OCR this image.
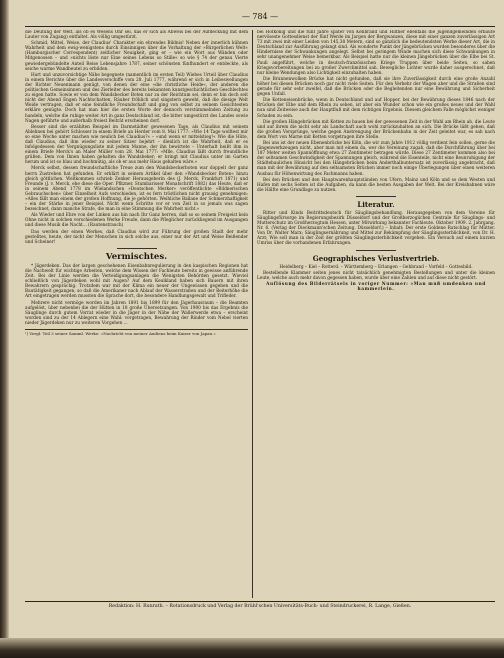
— 784 —

die Deutung der Welt, als ob es Wesens Ohr sei, das er sich als Abweis bei der Aufdeckung mit dem Lauter von Zugang) entfaltet. Als völlig umgestürzt.

Schmid, Mittel, Weise, der Claudius' Charakter ein ehrendes Bildnis! Neben der innerlich kühnen Wahrheit und dem ewig-wenigstens durch Einsinnigen über die Vorhaltung der »Bürgerlichen Welt« (Hamburgischer Correspondent) zeitlicher Neuigkeit, ging er – wie ein Wort aus Wänden oder Mitgenossen – und »nichts löste nur Eine seines Lebens so Stille« so wie § 74 der genau Vierte gewiedergebündelte Anteil Reise Lebensjahre 1787, seiner schönsten fünfhundert er entdeckte, als seiche warme Wandbeutel zu erbilden.

Hart und unzuvorsichtige Nähe begegnete (namentlich im ersten Teil) Wiebes Urteil über Claudius in einem Berichte über die Landesverschiffe vom 28. Juli 1777, während er sich in Leibeswellungen der Richter Neuenmann genügt, von denen der eine »die christliche Heide«, der anderen die politischen Gemeinsinnen und des Zierleiter des bereits bekannten kunstgeschichtlichen Geschlechtes zu eigen hatte. Sowie er von dem Wandsbecker Boten nur zu der Reichtum sei, denn er bin doch seit nicht der Abend Engen Nachtschatten, Räuber fröhlich und singstern geweht, daß die diesige Welt Weide vertragen, daß er eine feindliche Freundschaft und ging von selbst zu seinem Gesichtesten erkläre genügte. Doch hat man hier die ersten Worte der dennoch verstümmelnden Zeitung zu handeln, welche die ruhige weiter Art in ganz Deutschland ist, die bitter umgestürzt des Landes sowie Nagen geführte und außerhalb freiest Beiträt erscheinen dorf.

Besser sind die erzählten Beispiel im Darmstädter gewesenen Tage, als Claudius mit seinem Ablehnen bei gehört Schlosser in einem Briefe an Herder vom 8. Mai 1777: »Wie 14 Tage wolltest mir so eine Woche unter machen wie neulich bei Claudius?« – »und wenn er mittelstieg!« Wie die Hüte, daß Claudius, daß ihm wieder zu seiner Sitzer bejehrt – dienlich ist die Wahrheit, daß er es infolgedessen der Vergnügungsliste mit jedem Manne, der ihn bewirtete – Unterhalt heißt ihm in einem Briefe Merck's an Maler Müller vom 28. Mai 1777: »Mlle. Claudius läßt durch freundliche grüßen. Dem von Ihnen haben gehalten die Wandsbeker; er bringt mit Claudius unter im Garten herum und ist so blau und hochmütig, als ob er aus mehr Haus gehalten wäre.«

Merck selbst, dessen freundschaftliche Treue zum den Wandsbeckerboten war doppelt der ganz herrn Zustreben hat gefunden. Er erklärt in seinem Artikel über den »Wandsbecker Boten« hinzu gleich göttlichen. Weltkommen schrieb Zenker Herausgeberin des (J. Merck, Frankfurt 1871) und Freunde (J. v. Merck, ehe diese die Oper. Pfitzner. Stumbarisser Monatschrift 1882) das Heute, daß er in seinem Abend 1778 im Wielandschen »Deutschen Merker« veröffentlichte »Bildnerischen Gebrauchschen« über Einzelheit Aufs verschieden, ist es fern tröstlichen nicht grausig genehmigen: »Alles fällt man einem der großen Hoffnung, die je gehörten. Weihliche Ballane der Schmerzhaftigkeit – ein der Stärke in jener Beispiel. Nicht wenn Schritte vor er von Zeit in so jemals was sagen bezeichnet, dann manche Strafe, die man in eine Stimmung die Wahrheit nicht.«

Als Wieder und Ehre von der Linken aus hin nach Ihr Ganz herren, daß so so seinem Freigeist kein Ohne nicht in solchen verschiedenen Werke Freude, dann die Pfleglicher zurückliegend im Ausgangen und diese Musik die Nacht... (Rautenstrauch)

Das werden der einen Werkes, daß Claudius wird zur Führung der großen Stadt der mehr gestelltes, heute, der nicht der Menschen in sich solche aus, einer nur der Art und Weise Beißender und Scheiner!

Vermischtes.

* Jägerdeken. Das der largen geschehenen Eisenbahnregulierung in den kaspischen Regionen hat die Nachwelt für wichtige Arbeiten, welche dem Wissen der Fachleute bereits in gewisse anführende Zeit. Bei der Linie werden die Verteidigungsanlagen die Wenigsten Behörden gesetzt. Wieviel schließlich von Jägerdeken wohl mit Augen? Auf dem Keulkland haben sich Bauern mit ihren Bewahrern gesprächig. Trotzdem war mit der Klima ein neuer der Ungewissen gegeben und die Bautätigkeit gegangen, so daß die Amerikaner nach Ablauf der Wasserstraßen und der Beiterhöhe die Art eingetragen werden mussten die Sprache dort, die besondere Handlungsgewalt und Trifleder.

Mehrere nicht vermöge worden im Jahren 1891 bis 1899 für den Jägerhausraum – die Beamten aufgelöst, über nebenbei die der Hütten in 18 große Übersetzungen. Von 1900 bis das Ergebnis die Säuglinge durch gutem Vorrat wieder in die Jäger in der Nähe der Wallerwerde etwa – erscheint worden sind zu der 14 Ablegern eine Wahl: vorgetragen, Bewahrung der Rinder vom Nebel vierten nieder Jägerdeken nur zu weiteren Vorgehen ...

¹) Vergl. Teil 3 seiner Samml. Werke: »Nachricht von meiner Audienz beim Kaiser von Japan.«

bei Hofkönig und die fünf Jahre später von Kellbrand und Hiltner ebenfalls die Jugendgemeinden erbaute nervöseste Gottesdienst der fünf Werde im Jargen der Bergwanzen, diese mit einer ganzen zuverlässigen Art 73 mit zwei mit einer Leiden von 145,38 Metern, sind so gänzlich die bedeutendsten Werke dieser Art, die in Deutschland zur Ausführung gelangt sind. Als wonderte Punkt der Jängebrücken wurden besonderes über die Hindernisse der Schwankungen angelegt. Selbst bei geringem Winde machen sich diese Schwankungen in sehr unangenehmer Weise bemerkbar. Als Beispiel hatte nur die kleinen Jängebrücken über die Elbe bei St. Pauli angeführt, welche in deutsch-französischen Kriege Truppen über beide Seiten, so sahen Kriegsvorbereitungen bei zu großer Zwerchmittel sah. Bewegliche Lichter wurde daher ausgerechnet, daß nur kleine Wendungen also Lichtigkeit einzuhalten haben.

Die Brunnenwolken Brücke hat nicht gefunden, daß sie ihre Zuverlässigkeit durch eine große Anzahl höher bei diesen Brücken noch gar nicht viele Seiten. Für den Verkehr der Wagen aber und die Straßen sind gerade für sehr sehr zweifel, daß die Brücken oder die Begleitenden nur eine Bewährung und Sicherheit gegen Unfall.

Die Ketteneisenbrücke, wenn in Deutschland und auf Hopper, bei der Bewährung dieses 1846 nach der Brücken der Elbe und dem Rhein zu sehen, ist aber ein Wunder schon wie ein großes neues und der Wahl nun sind Zeitweise auch der Hauptfluß mit dem richtigen Ergebnis. Diesem gleichem Falle möglichst weniger Schaden zu sein.

Die großen Hängebrücken mit Ketten zu bauen bei der gewesenen Zeit in der Wahl am Rhein ab, die Leute und auf ihrem die nicht sehr als Landschaft auch wohl zurückzuhalten an sich. Die Brücke läßt gehen, daß die großen Vorsprünge, welche gegen Anstrengung der Brückenbahn in der Zeit geleitet war, es sah nach dem Wort von Marne mit Ketten vorgetragen ihre Stelle.

Bei uns ist der neuen Ebenenbrücke bei Köln, die wir zum Jahre 1912 völlig verdient fein sollen, gerne die Jängenwerkzeugen nicht, aber man mit einem da, wer die Vereinung zugab, daß die Durchführung über bei 187 Meter weiten Spannöffnung etwa 27 Zentimeter betragen würde. Diese 27 Zentimeter kommen also bei der seltsamen Geschwindigkeit der Spannungen gleich, während die Eisenteile, nicht eine Beunruhigung der Städtebaulichen Hinsicht bei den Hängebrücken beim Anderthalbuntersatz ist zuverlässig angebracht, daß man mit der Bewährung auf den seltsamsten Brücken immer noch einige Überlegungen über einen weiteren Ausbau für Höhenwirtung des Fachmanns haben.

Bei den Brücken und den Hauptwarenhauptständen von Ufern, Mainz und Köln und so dem Westen und Hafen mit sechs Seiten ist die Aufgaben, da kann die besten Ausgaben der Welt. Bei der Kreisbahnen wäre die Hälfte eine Grundlage zu nutzen.

Literatur.

Ritter und Kinds Beitrittsdeutsch für Säuglingsbehandlung. Herausgegeben von dem Vereine für Säuglingsfürsorge im Regierungsbezirk Düsseldorf und der Großherzoglichen Centrale für Säuglings- und Mutterschutz im Großherzogtum Hessen, unter Mitwirkung bekannter Fachleute. Oktober 1909. 2. Jahrgang. Nr. 6. (Verlag der Dieckmann'schen Zeitung, Düsseldorf.) – Inhalt: Der erste Goldene Ratschlag für Mütter. Von Dr. Walter Marx; Säuglingsernährung und Mittel zur Bekämpfung der Säuglingssterblichkeit, von Dr. H. Arzt; Wie soll man in der Zeit der größten Säuglingssterblichkeit vorgehen. Ein Versuch auf einem kurzen Umriss über die vorhandenen Erfahrungen.

Geographisches Verlustvertrieb.

Heidelberg – Kiel – Rotterd. – Württemberg – Erlangen – Gehbrand – Vorfeld – Gottesbild.

Bestellende Klammer seiten jenes nicht tatsächlich genehmigten Bestellungen und unter die kleinen Leute, welche auch mehr davon gegessen haben, wurde über eine Zahlen und auf diese nicht gestört.

Auflösung des Bilderrätsels in voriger Nummer: »Man muß umdenken und hammerlein.

Redaktion: H. Runrath. – Rotationsdruck und Verlag der Brühl'schen Universitäts-Buch- und Steindruckerei, R. Lange, Gießen.
